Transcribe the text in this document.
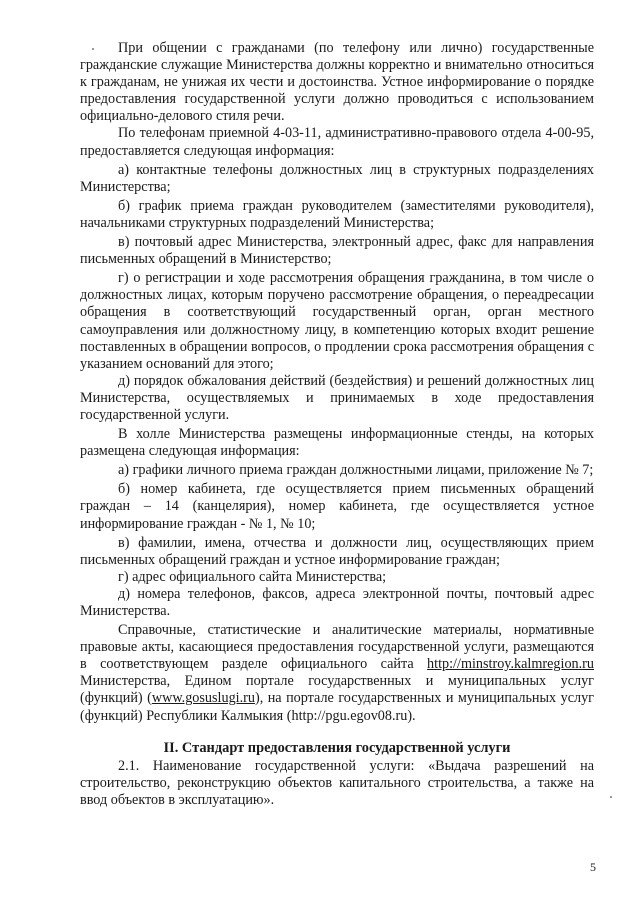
При общении с гражданами (по телефону или лично) государственные гражданские служащие Министерства должны корректно и внимательно относиться к гражданам, не унижая их чести и достоинства. Устное информирование о порядке предоставления государственной услуги должно проводиться с использованием официально-делового стиля речи.

По телефонам приемной 4-03-11, административно-правового отдела 4-00-95, предоставляется следующая информация:

а) контактные телефоны должностных лиц в структурных подразделениях Министерства;

б) график приема граждан руководителем (заместителями руководителя), начальниками структурных подразделений Министерства;

в) почтовый адрес Министерства, электронный адрес, факс для направления письменных обращений в Министерство;

г) о регистрации и ходе рассмотрения обращения гражданина, в том числе о должностных лицах, которым поручено рассмотрение обращения, о переадресации обращения в соответствующий государственный орган, орган местного самоуправления или должностному лицу, в компетенцию которых входит решение поставленных в обращении вопросов, о продлении срока рассмотрения обращения с указанием оснований для этого;

д) порядок обжалования действий (бездействия) и решений должностных лиц Министерства, осуществляемых и принимаемых в ходе предоставления государственной услуги.

В холле Министерства размещены информационные стенды, на которых размещена следующая информация:

а) графики личного приема граждан должностными лицами, приложение № 7;

б) номер кабинета, где осуществляется прием письменных обращений граждан – 14 (канцелярия), номер кабинета, где осуществляется устное информирование граждан - № 1, № 10;

в) фамилии, имена, отчества и должности лиц, осуществляющих прием письменных обращений граждан и устное информирование граждан;

г) адрес официального сайта Министерства;

д) номера телефонов, факсов, адреса электронной почты, почтовый адрес Министерства.

Справочные, статистические и аналитические материалы, нормативные правовые акты, касающиеся предоставления государственной услуги, размещаются в соответствующем разделе официального сайта http://minstroy.kalmregion.ru Министерства, Едином портале государственных и муниципальных услуг (функций) (www.gosuslugi.ru), на портале государственных и муниципальных услуг (функций) Республики Калмыкия (http://pgu.egov08.ru).

II. Стандарт предоставления государственной услуги

2.1. Наименование государственной услуги: «Выдача разрешений на строительство, реконструкцию объектов капитального строительства, а также на ввод объектов в эксплуатацию».

5
